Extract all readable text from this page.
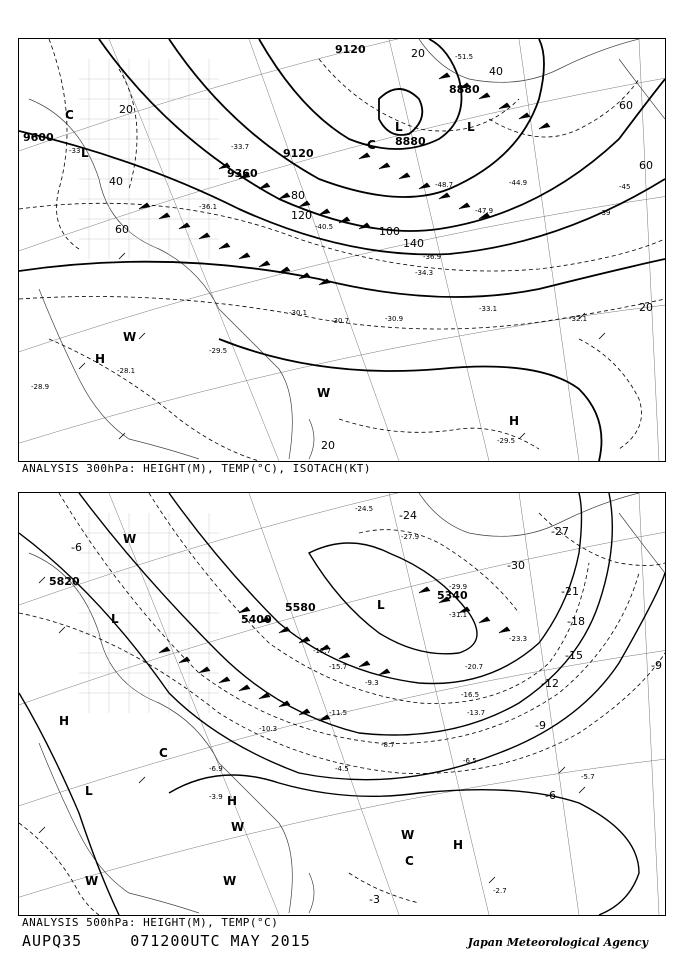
9600
9120
9360
8880
8880
9120
20
40
60
80
100
120
140
40
60
20
60
20
20
H
H
L
L	L
C
C
W
W
-33	-33.7
-36.1
-44.9
-51.5
-47.9
-48.7
-30.9
-30.7
-30.1
-32.1
-33.1
-29.5
-28.9
-29.5
-28.1
-39
-45
-40.5
-36.9
-34.3
ANALYSIS 300hPa: HEIGHT(M), TEMP(°C), ISOTACH(KT)
5820
5400
5580
5340
-6
-9
-12
-15
-18
-21
-24
-30
-27
-3
-9
-6
H
H
H
L
L
L
C
C
W
W
W
W	W
-24.5
-27.9
-29.9
-31.1
-20.7
-16.5
-13.7
-11.5
-9.3
-8.7
-6.5
-5.7
-2.7
-3.9
-6.9	-4.5
-15.7
-12.7
-10.3
-23.3
ANALYSIS 500hPa: HEIGHT(M), TEMP(°C)
AUPQ35	071200UTC MAY 2015	Japan Meteorological Agency
